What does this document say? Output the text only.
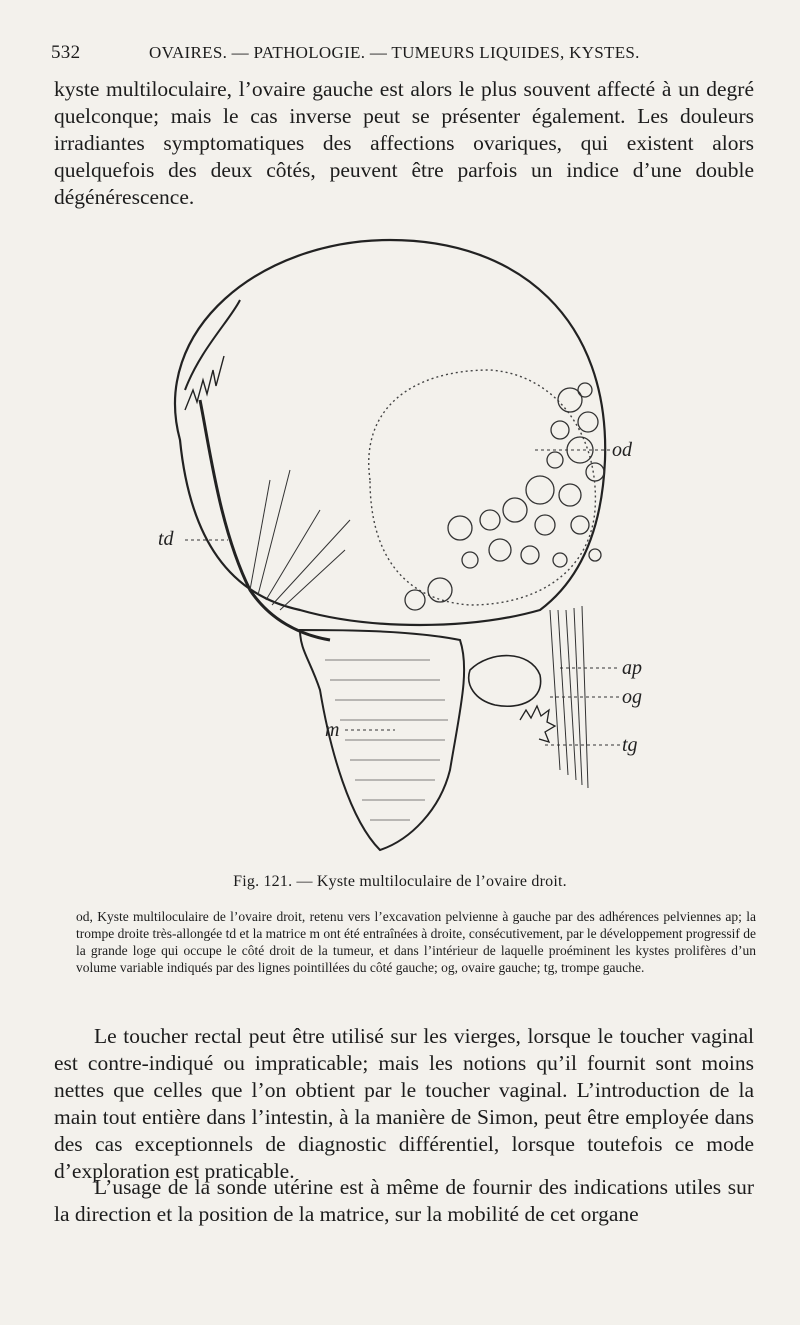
532	OVAIRES. — PATHOLOGIE. — TUMEURS LIQUIDES, KYSTES.
kyste multiloculaire, l’ovaire gauche est alors le plus souvent affecté à un degré quelconque; mais le cas inverse peut se présenter également. Les douleurs irradiantes symptomatiques des affections ovariques, qui existent alors quelquefois des deux côtés, peuvent être parfois un indice d’une double dégénérescence.
od
td
ap
og
tg
m
Fig. 121. — Kyste multiloculaire de l’ovaire droit.
od, Kyste multiloculaire de l’ovaire droit, retenu vers l’excavation pelvienne à gauche par des adhérences pelviennes ap; la trompe droite très-allongée td et la matrice m ont été entraînées à droite, consécutivement, par le développement progressif de la grande loge qui occupe le côté droit de la tumeur, et dans l’intérieur de laquelle proéminent les kystes prolifères d’un volume variable indiqués par des lignes pointillées du côté gauche; og, ovaire gauche; tg, trompe gauche.
Le toucher rectal peut être utilisé sur les vierges, lorsque le toucher vaginal est contre-indiqué ou impraticable; mais les notions qu’il fournit sont moins nettes que celles que l’on obtient par le toucher vaginal. L’introduction de la main tout entière dans l’intestin, à la manière de Simon, peut être employée dans des cas exceptionnels de diagnostic différentiel, lorsque toutefois ce mode d’exploration est praticable.
L’usage de la sonde utérine est à même de fournir des indications utiles sur la direction et la position de la matrice, sur la mobilité de cet organe
